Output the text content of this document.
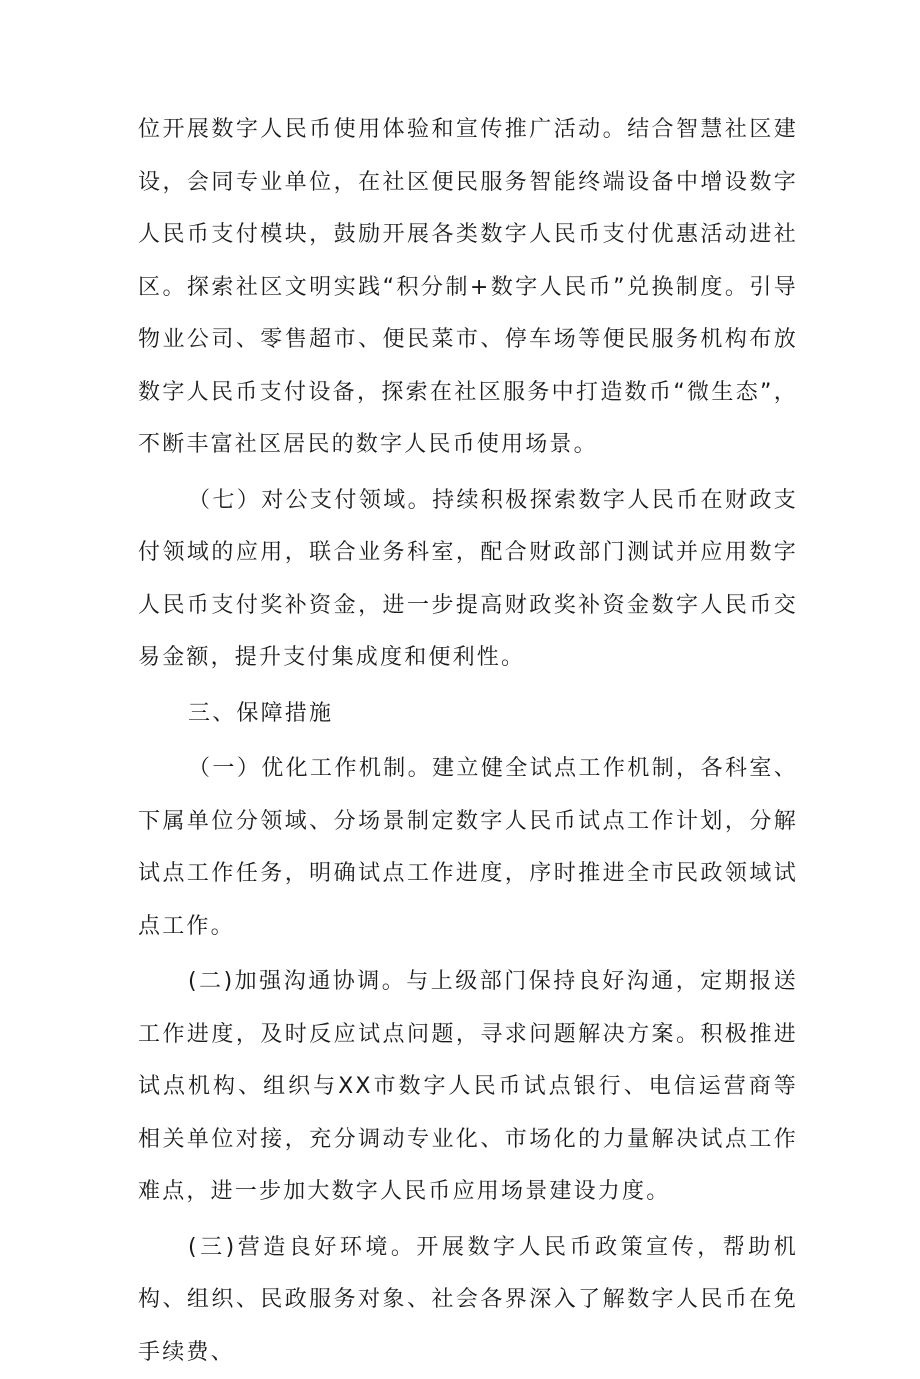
位开展数字人民币使用体验和宣传推广活动。结合智慧社区建设，会同专业单位，在社区便民服务智能终端设备中增设数字人民币支付模块，鼓励开展各类数字人民币支付优惠活动进社区。探索社区文明实践“积分制+数字人民币”兑换制度。引导物业公司、零售超市、便民菜市、停车场等便民服务机构布放数字人民币支付设备，探索在社区服务中打造数币“微生态”，不断丰富社区居民的数字人民币使用场景。

（七）对公支付领域。持续积极探索数字人民币在财政支付领域的应用，联合业务科室，配合财政部门测试并应用数字人民币支付奖补资金，进一步提高财政奖补资金数字人民币交易金额，提升支付集成度和便利性。

三、保障措施

（一）优化工作机制。建立健全试点工作机制，各科室、下属单位分领域、分场景制定数字人民币试点工作计划，分解试点工作任务，明确试点工作进度，序时推进全市民政领域试点工作。

(二)加强沟通协调。与上级部门保持良好沟通，定期报送工作进度，及时反应试点问题，寻求问题解决方案。积极推进试点机构、组织与XX市数字人民币试点银行、电信运营商等相关单位对接，充分调动专业化、市场化的力量解决试点工作难点，进一步加大数字人民币应用场景建设力度。

(三)营造良好环境。开展数字人民币政策宣传，帮助机构、组织、民政服务对象、社会各界深入了解数字人民币在免手续费、
